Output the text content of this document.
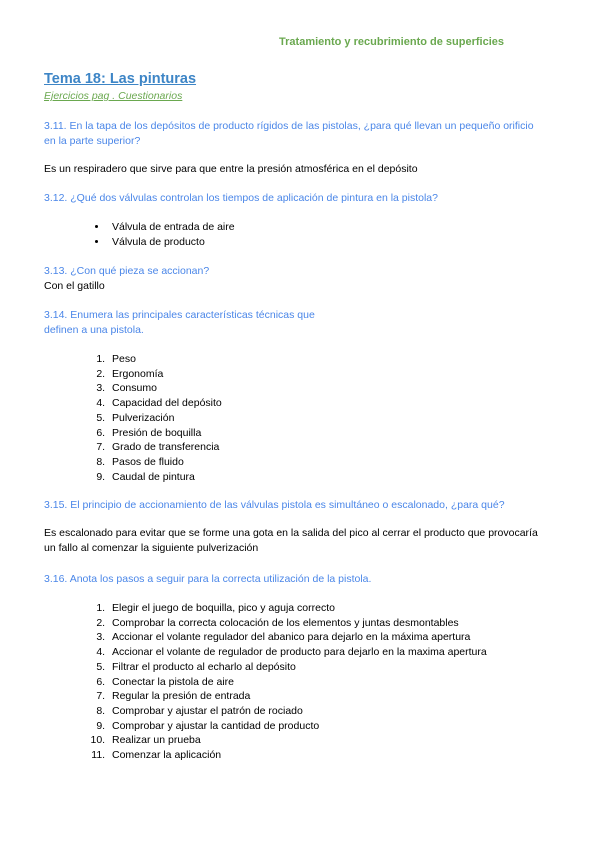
Tratamiento y recubrimiento de superficies

Tema 18: Las pinturas

Ejercicios pag . Cuestionarios

3.11. En la tapa de los depósitos de producto rígidos de las pistolas, ¿para qué llevan un pequeño orificio en la parte superior?

Es un respiradero que sirve para que entre la presión atmosférica en el depósito

3.12. ¿Qué dos válvulas controlan los tiempos de aplicación de pintura en la pistola?

• Válvula de entrada de aire
• Válvula de producto

3.13. ¿Con qué pieza se accionan?

Con el gatillo

3.14. Enumera las principales características técnicas que

definen a una pistola.

1. Peso
2. Ergonomía
3. Consumo
4. Capacidad del depósito
5. Pulverización
6. Presión de boquilla
7. Grado de transferencia
8. Pasos de fluido
9. Caudal de pintura

3.15. El principio de accionamiento de las válvulas pistola es simultáneo o escalonado, ¿para qué?

Es escalonado para evitar que se forme una gota en la salida del pico al cerrar el producto que provocaría un fallo al comenzar la siguiente pulverización

3.16. Anota los pasos a seguir para la correcta utilización de la pistola.

1. Elegir el juego de boquilla, pico y aguja correcto
2. Comprobar la correcta colocación de los elementos y juntas desmontables
3. Accionar el volante regulador del abanico para dejarlo en la máxima apertura
4. Accionar el volante de regulador de producto para dejarlo en la maxima apertura
5. Filtrar el producto al echarlo al depósito
6. Conectar la pistola de aire
7. Regular la presión de entrada
8. Comprobar y ajustar el patrón de rociado
9. Comprobar y ajustar la cantidad de producto
10. Realizar un prueba
11. Comenzar la aplicación
